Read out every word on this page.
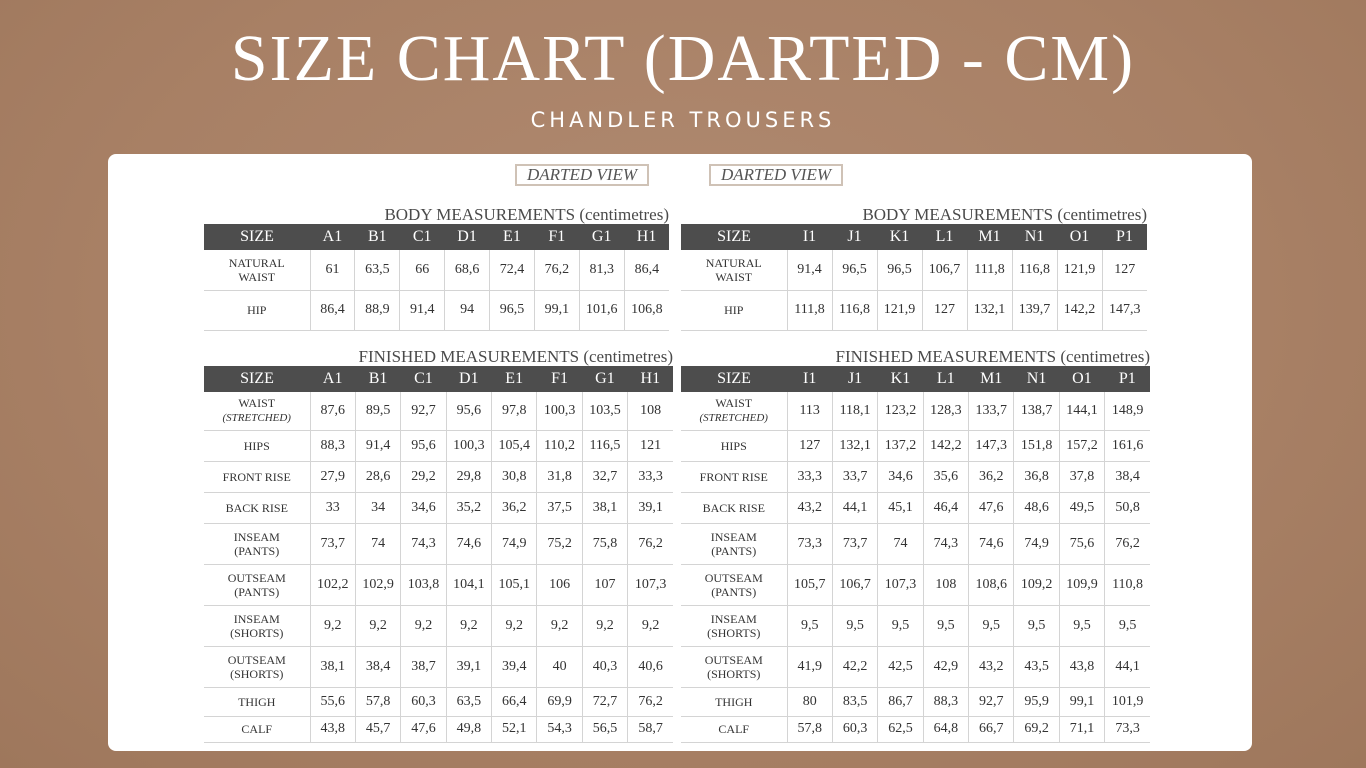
SIZE CHART (DARTED - CM)
CHANDLER TROUSERS
DARTED VIEW	DARTED VIEW
BODY MEASUREMENTS (centimetres)	BODY MEASUREMENTS (centimetres)
SIZE	A1	B1	C1	D1	E1	F1	G1	H1
NATURAL
WAIST	61	63,5	66	68,6	72,4	76,2	81,3	86,4
HIP	86,4	88,9	91,4	94	96,5	99,1	101,6	106,8
SIZE	I1	J1	K1	L1	M1	N1	O1	P1
NATURAL
WAIST	91,4	96,5	96,5	106,7	111,8	116,8	121,9	127
HIP	111,8	116,8	121,9	127	132,1	139,7	142,2	147,3
FINISHED MEASUREMENTS (centimetres)	FINISHED MEASUREMENTS (centimetres)
SIZE	A1	B1	C1	D1	E1	F1	G1	H1
WAIST
(STRETCHED)	87,6	89,5	92,7	95,6	97,8	100,3	103,5	108
HIPS	88,3	91,4	95,6	100,3	105,4	110,2	116,5	121
FRONT RISE	27,9	28,6	29,2	29,8	30,8	31,8	32,7	33,3
BACK RISE	33	34	34,6	35,2	36,2	37,5	38,1	39,1
INSEAM
(PANTS)	73,7	74	74,3	74,6	74,9	75,2	75,8	76,2
OUTSEAM
(PANTS)	102,2	102,9	103,8	104,1	105,1	106	107	107,3
INSEAM
(SHORTS)	9,2	9,2	9,2	9,2	9,2	9,2	9,2	9,2
OUTSEAM
(SHORTS)	38,1	38,4	38,7	39,1	39,4	40	40,3	40,6
THIGH	55,6	57,8	60,3	63,5	66,4	69,9	72,7	76,2
CALF	43,8	45,7	47,6	49,8	52,1	54,3	56,5	58,7
SIZE	I1	J1	K1	L1	M1	N1	O1	P1
WAIST
(STRETCHED)	113	118,1	123,2	128,3	133,7	138,7	144,1	148,9
HIPS	127	132,1	137,2	142,2	147,3	151,8	157,2	161,6
FRONT RISE	33,3	33,7	34,6	35,6	36,2	36,8	37,8	38,4
BACK RISE	43,2	44,1	45,1	46,4	47,6	48,6	49,5	50,8
INSEAM
(PANTS)	73,3	73,7	74	74,3	74,6	74,9	75,6	76,2
OUTSEAM
(PANTS)	105,7	106,7	107,3	108	108,6	109,2	109,9	110,8
INSEAM
(SHORTS)	9,5	9,5	9,5	9,5	9,5	9,5	9,5	9,5
OUTSEAM
(SHORTS)	41,9	42,2	42,5	42,9	43,2	43,5	43,8	44,1
THIGH	80	83,5	86,7	88,3	92,7	95,9	99,1	101,9
CALF	57,8	60,3	62,5	64,8	66,7	69,2	71,1	73,3
